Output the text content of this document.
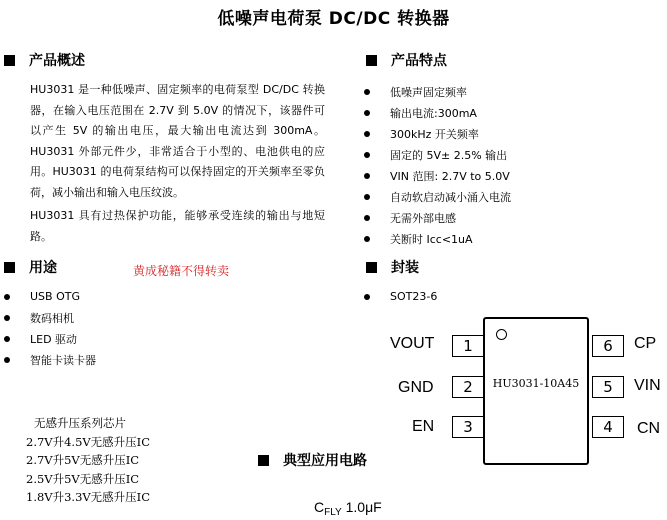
低噪声电荷泵 DC/DC 转换器
产品概述

HU3031 是一种低噪声、固定频率的电荷泵型 DC/DC 转换器，在输入电压范围在 2.7V 到 5.0V 的情况下，该器件可以产生 5V 的输出电压，最大输出电流达到 300mA。HU3031 外部元件少，非常适合于小型的、电池供电的应用。HU3031 的电荷泵结构可以保持固定的开关频率至零负荷，减小输出和输入电压纹波。

HU3031 具有过热保护功能，能够承受连续的输出与地短路。

产品特点
低噪声固定频率
输出电流:300mA
300kHz 开关频率
固定的 5V± 2.5% 输出
VIN 范围: 2.7V to 5.0V
自动软启动减小涌入电流
无需外部电感
关断时 Icc<1uA
用途	黄成秘籍不得转卖
USB OTG
数码相机
LED 驱动
智能卡读卡器
封装
SOT23-6
HU3031-10A45
1
2
3
6
5
4
VOUT
GND
EN
CP
VIN
CN
无感升压系列芯片
2.7V升4.5V无感升压IC
2.7V升5V无感升压IC
2.5V升5V无感升压IC
1.8V升3.3V无感升压IC
典型应用电路
$C_{FLY}$ 1.0μF
